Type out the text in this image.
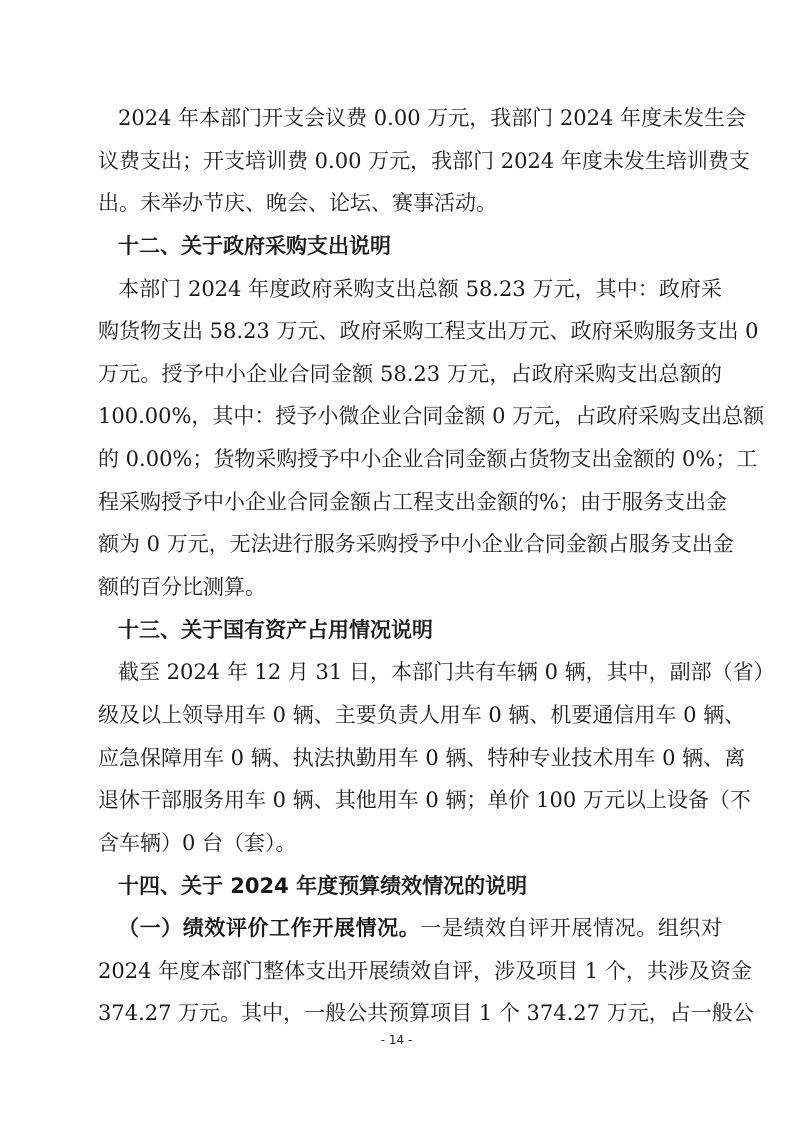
2024 年本部门开支会议费 0.00 万元，我部门 2024 年度未发生会
议费支出；开支培训费 0.00 万元，我部门 2024 年度未发生培训费支
出。未举办节庆、晚会、论坛、赛事活动。
十二、关于政府采购支出说明
本部门 2024 年度政府采购支出总额 58.23 万元，其中：政府采
购货物支出 58.23 万元、政府采购工程支出万元、政府采购服务支出 0
万元。授予中小企业合同金额 58.23 万元，占政府采购支出总额的
100.00%，其中：授予小微企业合同金额 0 万元，占政府采购支出总额
的 0.00%；货物采购授予中小企业合同金额占货物支出金额的 0%；工
程采购授予中小企业合同金额占工程支出金额的%；由于服务支出金
额为 0 万元，无法进行服务采购授予中小企业合同金额占服务支出金
额的百分比测算。
十三、关于国有资产占用情况说明
截至 2024 年 12 月 31 日，本部门共有车辆 0 辆，其中，副部（省）
级及以上领导用车 0 辆、主要负责人用车 0 辆、机要通信用车 0 辆、
应急保障用车 0 辆、执法执勤用车 0 辆、特种专业技术用车 0 辆、离
退休干部服务用车 0 辆、其他用车 0 辆；单价 100 万元以上设备（不
含车辆）0 台（套）。
十四、关于 2024 年度预算绩效情况的说明
（一）绩效评价工作开展情况。一是绩效自评开展情况。组织对
2024 年度本部门整体支出开展绩效自评，涉及项目 1 个，共涉及资金
374.27 万元。其中，一般公共预算项目 1 个 374.27 万元，占一般公
- 14 -
